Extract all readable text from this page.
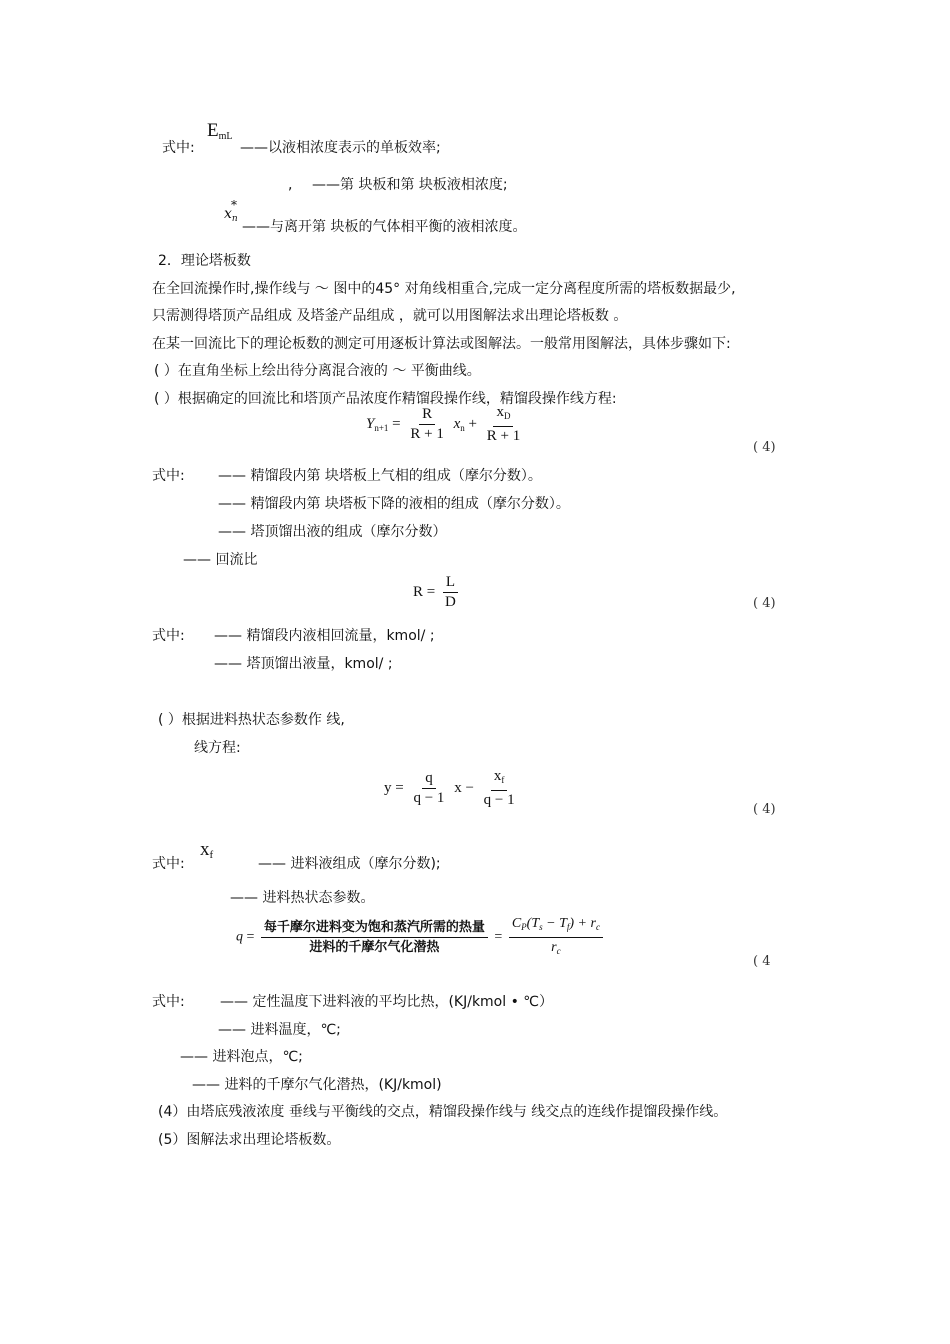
式中:
$E_{mL}$
——以液相浓度表示的单板效率;
, ——第 块板和第 块板液相浓度;
$x_n$
*
——与离开第 块板的气体相平衡的液相浓度。
2．理论塔板数
在全回流操作时,操作线与 ～ 图中的45° 对角线相重合,完成一定分离程度所需的塔板数据最少,
只需测得塔顶产品组成 及塔釜产品组成 ，就可以用图解法求出理论塔板数 。
在某一回流比下的理论板数的测定可用逐板计算法或图解法。一般常用图解法，具体步骤如下:
( ）在直角坐标上绘出待分离混合液的 ～ 平衡曲线。
( ）根据确定的回流比和塔顶产品浓度作精馏段操作线，精馏段操作线方程:
$Y_{n+1} = \frac{R}{R + 1} x_n + \frac{x_D}{R + 1}$
( 4)
式中: —— 精馏段内第 块塔板上气相的组成（摩尔分数）。
—— 精馏段内第 块塔板下降的液相的组成（摩尔分数）。
—— 塔顶馏出液的组成（摩尔分数）
—— 回流比
$R = \frac{L}{D}$	( 4)
式中: —— 精馏段内液相回流量，kmol/ ;
—— 塔顶馏出液量，kmol/ ;
( ）根据进料热状态参数作 线,
线方程:
$y = \frac{q}{q - 1}$ $x - \frac{x_f}{q - 1}$
( 4)
式中:
$x_f$
—— 进料液组成（摩尔分数);
—— 进料热状态参数。
$q = \frac{\text{每千摩尔进料变为饱和蒸汽所需的热量}}{\text{进料的千摩尔气化潜热}} = \frac{C_P(T_s - T_f) + r_c}{r_c}$
( 4
式中:	—— 定性温度下进料液的平均比热，(KJ/kmol • ℃）
—— 进料温度，℃;
—— 进料泡点，℃;
—— 进料的千摩尔气化潜热，(KJ/kmol)
(4）由塔底残液浓度 垂线与平衡线的交点，精馏段操作线与 线交点的连线作提馏段操作线。
(5）图解法求出理论塔板数。
